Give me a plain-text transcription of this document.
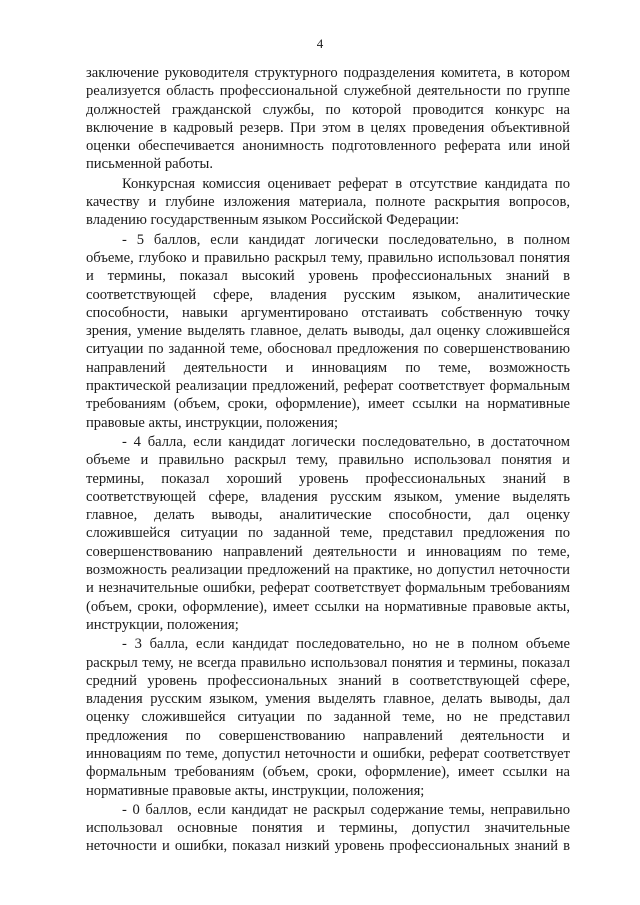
4

заключение руководителя структурного подразделения комитета, в котором реализуется область профессиональной служебной деятельности по группе должностей гражданской службы, по которой проводится конкурс на включение в кадровый резерв. При этом в целях проведения объективной оценки обеспечивается анонимность подготовленного реферата или иной письменной работы.

Конкурсная комиссия оценивает реферат в отсутствие кандидата по качеству и глубине изложения материала, полноте раскрытия вопросов, владению государственным языком Российской Федерации:

- 5 баллов, если кандидат логически последовательно, в полном объеме, глубоко и правильно раскрыл тему, правильно использовал понятия и термины, показал высокий уровень профессиональных знаний в соответствующей сфере, владения русским языком, аналитические способности, навыки аргументировано отстаивать собственную точку зрения, умение выделять главное, делать выводы, дал оценку сложившейся ситуации по заданной теме, обосновал предложения по совершенствованию направлений деятельности и инновациям по теме, возможность практической реализации предложений, реферат соответствует формальным требованиям (объем, сроки, оформление), имеет ссылки на нормативные правовые акты, инструкции, положения;

- 4 балла, если кандидат логически последовательно, в достаточном объеме и правильно раскрыл тему, правильно использовал понятия и термины, показал хороший уровень профессиональных знаний в соответствующей сфере, владения русским языком, умение выделять главное, делать выводы, аналитические способности, дал оценку сложившейся ситуации по заданной теме, представил предложения по совершенствованию направлений деятельности и инновациям по теме, возможность реализации предложений на практике, но допустил неточности и незначительные ошибки, реферат соответствует формальным требованиям (объем, сроки, оформление), имеет ссылки на нормативные правовые акты, инструкции, положения;

- 3 балла, если кандидат последовательно, но не в полном объеме раскрыл тему, не всегда правильно использовал понятия и термины, показал средний уровень профессиональных знаний в соответствующей сфере, владения русским языком, умения выделять главное, делать выводы, дал оценку сложившейся ситуации по заданной теме, но не представил предложения по совершенствованию направлений деятельности и инновациям по теме, допустил неточности и ошибки, реферат соответствует формальным требованиям (объем, сроки, оформление), имеет ссылки на нормативные правовые акты, инструкции, положения;

- 0 баллов, если кандидат не раскрыл содержание темы, неправильно использовал основные понятия и термины, допустил значительные неточности и ошибки, показал низкий уровень профессиональных знаний в
